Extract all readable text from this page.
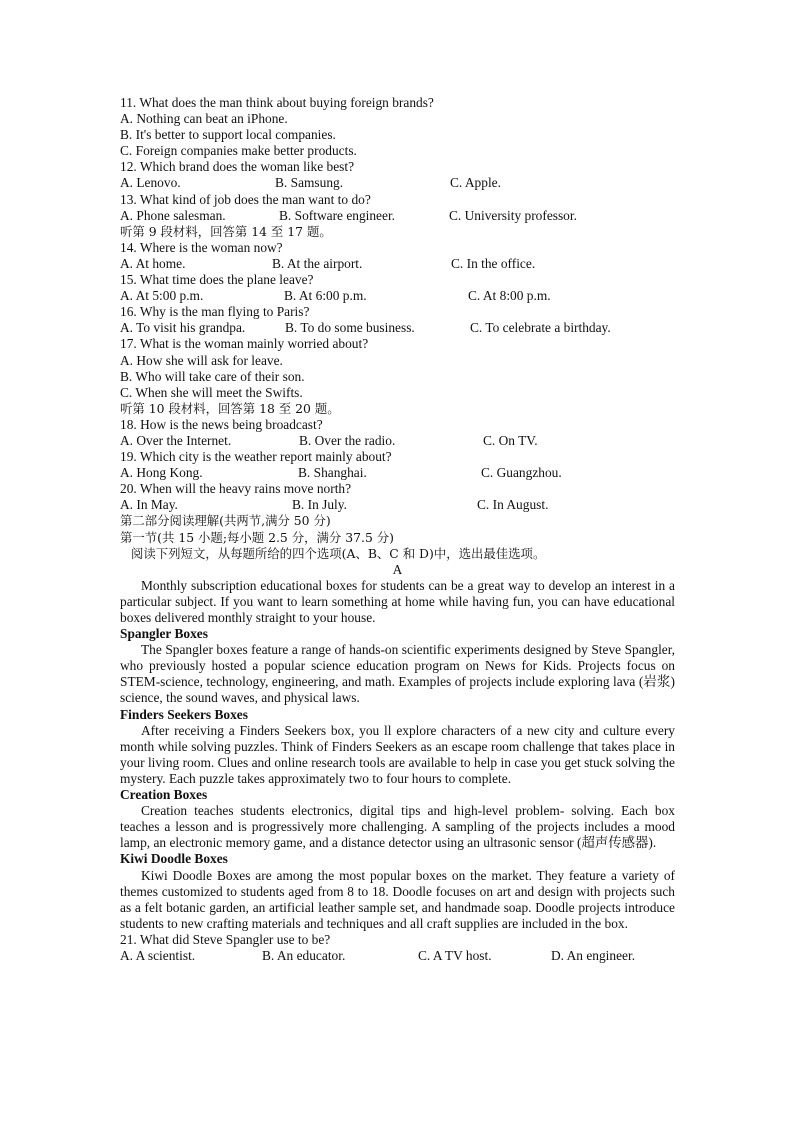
11. What does the man think about buying foreign brands?
A. Nothing can beat an iPhone.
B. It's better to support local companies.
C. Foreign companies make better products.
12. Which brand does the woman like best?
A. Lenovo.	B. Samsung.	C. Apple.
13. What kind of job does the man want to do?
A. Phone salesman.	B. Software engineer.	C. University professor.
听第 9 段材料，回答第 14 至 17 题。
14. Where is the woman now?
A. At home.	B. At the airport.	C. In the office.
15. What time does the plane leave?
A. At 5:00 p.m.	B. At 6:00 p.m.	C. At 8:00 p.m.
16. Why is the man flying to Paris?
A. To visit his grandpa.	B. To do some business.	C. To celebrate a birthday.
17. What is the woman mainly worried about?
A. How she will ask for leave.
B. Who will take care of their son.
C. When she will meet the Swifts.
听第 10 段材料，回答第 18 至 20 题。
18. How is the news being broadcast?
A. Over the Internet.	B. Over the radio.	C. On TV.
19. Which city is the weather report mainly about?
A. Hong Kong.	B. Shanghai.	C. Guangzhou.
20. When will the heavy rains move north?
A. In May.	B. In July.	C. In August.
第二部分阅读理解(共两节,满分 50 分)
第一节(共 15 小题;每小题 2.5 分，满分 37.5 分)
阅读下列短文，从每题所给的四个选项(A、B、C 和 D)中，选出最佳选项。
A
Monthly subscription educational boxes for students can be a great way to develop an interest in a particular subject. If you want to learn something at home while having fun, you can have educational boxes delivered monthly straight to your house.
Spangler Boxes
The Spangler boxes feature a range of hands-on scientific experiments designed by Steve Spangler, who previously hosted a popular science education program on News for Kids. Projects focus on STEM-science, technology, engineering, and math. Examples of projects include exploring lava (岩浆) science, the sound waves, and physical laws.
Finders Seekers Boxes
After receiving a Finders Seekers box, you ll explore characters of a new city and culture every month while solving puzzles. Think of Finders Seekers as an escape room challenge that takes place in your living room. Clues and online research tools are available to help in case you get stuck solving the mystery. Each puzzle takes approximately two to four hours to complete.
Creation Boxes
Creation teaches students electronics, digital tips and high-level problem- solving. Each box teaches a lesson and is progressively more challenging. A sampling of the projects includes a mood lamp, an electronic memory game, and a distance detector using an ultrasonic sensor (超声传感器).
Kiwi Doodle Boxes
Kiwi Doodle Boxes are among the most popular boxes on the market. They feature a variety of themes customized to students aged from 8 to 18. Doodle focuses on art and design with projects such as a felt botanic garden, an artificial leather sample set, and handmade soap. Doodle projects introduce students to new crafting materials and techniques and all craft supplies are included in the box.
21. What did Steve Spangler use to be?
A. A scientist.	B. An educator.	C. A TV host.	D. An engineer.
